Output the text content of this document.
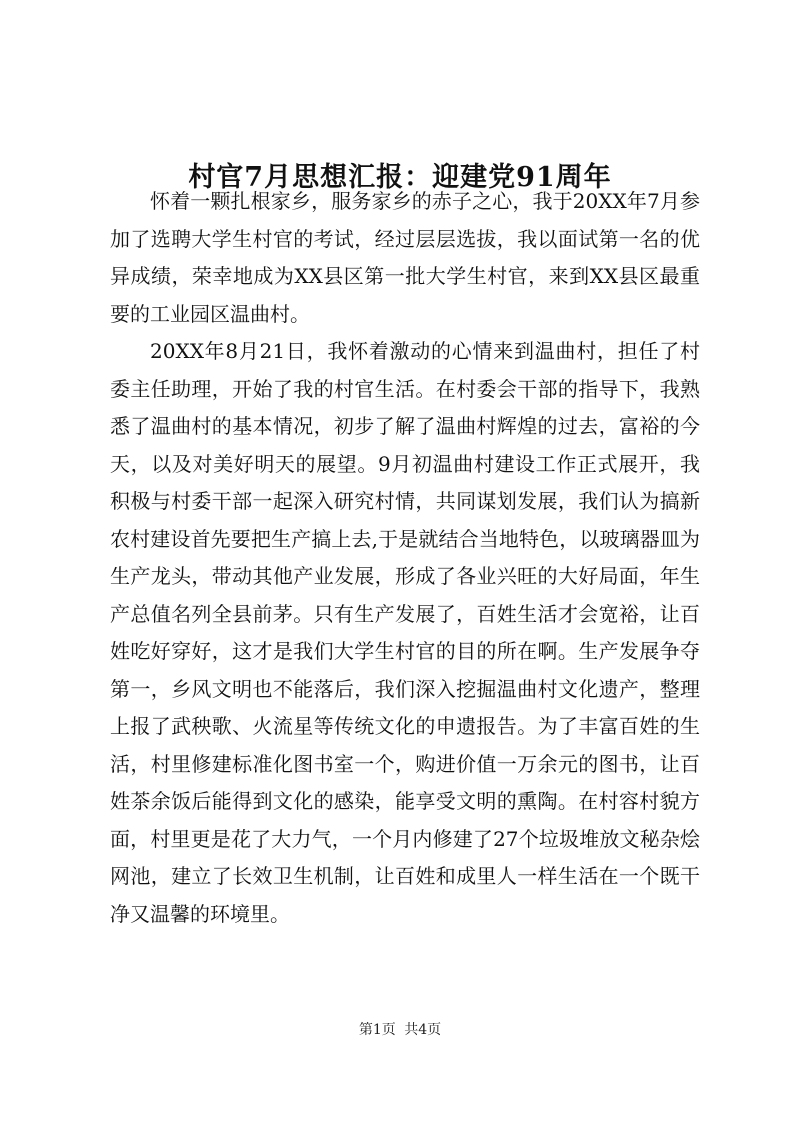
村官7月思想汇报：迎建党91周年

怀着一颗扎根家乡，服务家乡的赤子之心，我于20XX年7月参加了选聘大学生村官的考试，经过层层选拔，我以面试第一名的优异成绩，荣幸地成为XX县区第一批大学生村官，来到XX县区最重要的工业园区温曲村。

20XX年8月21日，我怀着激动的心情来到温曲村，担任了村委主任助理，开始了我的村官生活。在村委会干部的指导下，我熟悉了温曲村的基本情况，初步了解了温曲村辉煌的过去，富裕的今天，以及对美好明天的展望。9月初温曲村建设工作正式展开，我积极与村委干部一起深入研究村情，共同谋划发展，我们认为搞新农村建设首先要把生产搞上去,于是就结合当地特色，以玻璃器皿为生产龙头，带动其他产业发展，形成了各业兴旺的大好局面，年生产总值名列全县前茅。只有生产发展了，百姓生活才会宽裕，让百姓吃好穿好，这才是我们大学生村官的目的所在啊。生产发展争夺第一，乡风文明也不能落后，我们深入挖掘温曲村文化遗产，整理上报了武秧歌、火流星等传统文化的申遗报告。为了丰富百姓的生活，村里修建标准化图书室一个，购进价值一万余元的图书，让百姓茶余饭后能得到文化的感染，能享受文明的熏陶。在村容村貌方面，村里更是花了大力气，一个月内修建了27个垃圾堆放文秘杂烩网池，建立了长效卫生机制，让百姓和成里人一样生活在一个既干净又温馨的环境里。

第1页 共4页
